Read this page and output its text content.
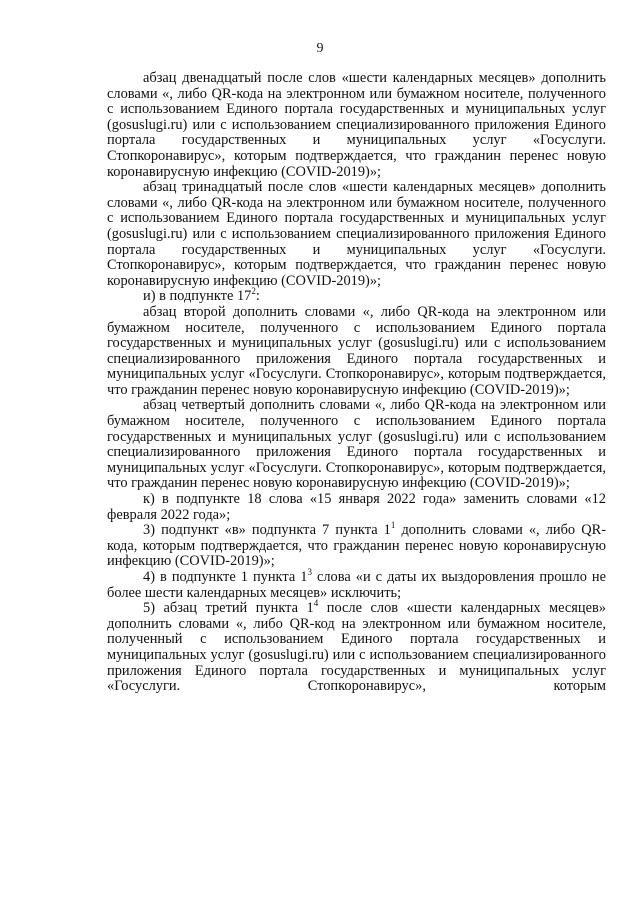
9

абзац двенадцатый после слов «шести календарных месяцев» дополнить словами «, либо QR-кода на электронном или бумажном носителе, полученного с использованием Единого портала государственных и муниципальных услуг (gosuslugi.ru) или с использованием специализированного приложения Единого портала государственных и муниципальных услуг «Госуслуги. Стопкоронавирус», которым подтверждается, что гражданин перенес новую коронавирусную инфекцию (COVID-2019)»;

абзац тринадцатый после слов «шести календарных месяцев» дополнить словами «, либо QR-кода на электронном или бумажном носителе, полученного с использованием Единого портала государственных и муниципальных услуг (gosuslugi.ru) или с использованием специализированного приложения Единого портала государственных и муниципальных услуг «Госуслуги. Стопкоронавирус», которым подтверждается, что гражданин перенес новую коронавирусную инфекцию (COVID-2019)»;

и) в подпункте $17^2$:

абзац второй дополнить словами «, либо QR-кода на электронном или бумажном носителе, полученного с использованием Единого портала государственных и муниципальных услуг (gosuslugi.ru) или с использованием специализированного приложения Единого портала государственных и муниципальных услуг «Госуслуги. Стопкоронавирус», которым подтверждается, что гражданин перенес новую коронавирусную инфекцию (COVID-2019)»;

абзац четвертый дополнить словами «, либо QR-кода на электронном или бумажном носителе, полученного с использованием Единого портала государственных и муниципальных услуг (gosuslugi.ru) или с использованием специализированного приложения Единого портала государственных и муниципальных услуг «Госуслуги. Стопкоронавирус», которым подтверждается, что гражданин перенес новую коронавирусную инфекцию (COVID-2019)»;

к) в подпункте 18 слова «15 января 2022 года» заменить словами «12 февраля 2022 года»;

3) подпункт «в» подпункта 7 пункта $1^1$ дополнить словами «, либо QR-кода, которым подтверждается, что гражданин перенес новую коронавирусную инфекцию (COVID-2019)»;

4) в подпункте 1 пункта $1^3$ слова «и с даты их выздоровления прошло не более шести календарных месяцев» исключить;

5) абзац третий пункта $1^4$ после слов «шести календарных месяцев» дополнить словами «, либо QR-код на электронном или бумажном носителе, полученный с использованием Единого портала государственных и муниципальных услуг (gosuslugi.ru) или с использованием специализированного приложения Единого портала государственных и муниципальных услуг «Госуслуги. Стопкоронавирус», которым
